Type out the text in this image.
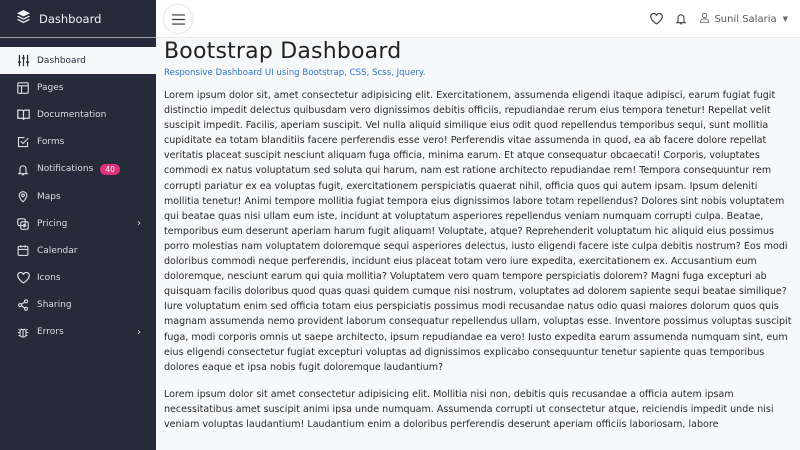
Dashboard
Dashboard
Pages
Documentation
Forms
Notifications	40
Maps
Pricing	›
Calendar
Icons
Sharing
Errors	›
Sunil Salaria ▼
Bootstrap Dashboard
Responsive Dashboard UI using Bootstrap, CSS, Scss, Jquery.

Lorem ipsum dolor sit, amet consectetur adipisicing elit. Exercitationem, assumenda eligendi itaque adipisci, earum fugiat fugit distinctio impedit delectus quibusdam vero dignissimos debitis officiis, repudiandae rerum eius tempora tenetur! Repellat velit suscipit impedit. Facilis, aperiam suscipit. Vel nulla aliquid similique eius odit quod repellendus temporibus sequi, sunt mollitia cupiditate ea totam blanditiis facere perferendis esse vero! Perferendis vitae assumenda in quod, ea ab facere dolore repellat veritatis placeat suscipit nesciunt aliquam fuga officia, minima earum. Et atque consequatur obcaecati! Corporis, voluptates commodi ex natus voluptatum sed soluta qui harum, nam est ratione architecto repudiandae rem! Tempora consequuntur rem corrupti pariatur ex ea voluptas fugit, exercitationem perspiciatis quaerat nihil, officia quos qui autem ipsam. Ipsum deleniti mollitia tenetur! Animi tempore mollitia fugiat tempora eius dignissimos labore totam repellendus? Dolores sint nobis voluptatem qui beatae quas nisi ullam eum iste, incidunt at voluptatum asperiores repellendus veniam numquam corrupti culpa. Beatae, temporibus eum deserunt aperiam harum fugit aliquam! Voluptate, atque? Reprehenderit voluptatum hic aliquid eius possimus porro molestias nam voluptatem doloremque sequi asperiores delectus, iusto eligendi facere iste culpa debitis nostrum? Eos modi doloribus commodi neque perferendis, incidunt eius placeat totam vero iure expedita, exercitationem ex. Accusantium eum doloremque, nesciunt earum qui quia mollitia? Voluptatem vero quam tempore perspiciatis dolorem? Magni fuga excepturi ab quisquam facilis doloribus quod quas quasi quidem cumque nisi nostrum, voluptates ad dolorem sapiente sequi beatae similique? Iure voluptatum enim sed officia totam eius perspiciatis possimus modi recusandae natus odio quasi maiores dolorum quos quis magnam assumenda nemo provident laborum consequatur repellendus ullam, voluptas esse. Inventore possimus voluptas suscipit fuga, modi corporis omnis ut saepe architecto, ipsum repudiandae ea vero! Iusto expedita earum assumenda numquam sint, eum eius eligendi consectetur fugiat excepturi voluptas ad dignissimos explicabo consequuntur tenetur sapiente quas temporibus dolores eaque et ipsa nobis fugit doloremque laudantium?

Lorem ipsum dolor sit amet consectetur adipisicing elit. Mollitia nisi non, debitis quis recusandae a officia autem ipsam necessitatibus amet suscipit animi ipsa unde numquam. Assumenda corrupti ut consectetur atque, reiciendis impedit unde nisi veniam voluptas laudantium! Laudantium enim a doloribus perferendis deserunt aperiam officiis laboriosam, labore
